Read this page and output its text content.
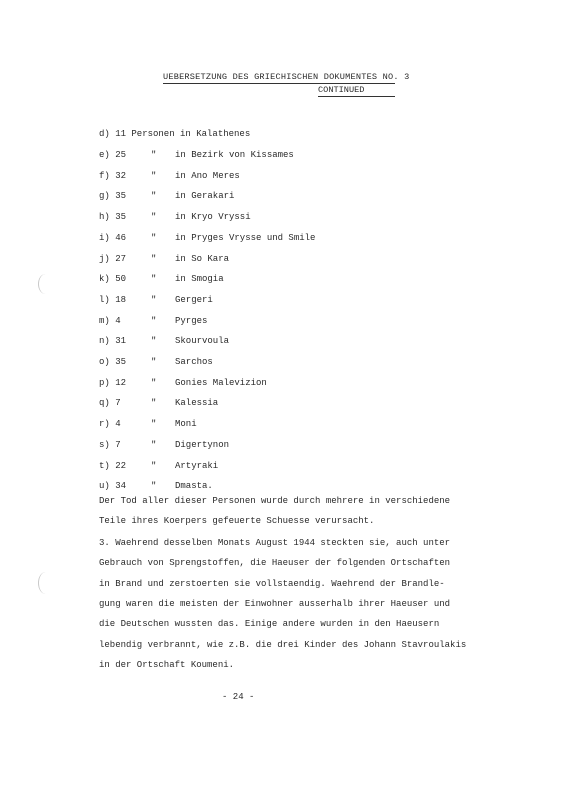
UEBERSETZUNG DES GRIECHISCHEN DOKUMENTES NO. 3
CONTINUED
d) 11 Personen in Kalathenes
e) 25	" in Bezirk von Kissames
f) 32	" in Ano Meres
g) 35	" in Gerakari
h) 35	" in Kryo Vryssi
i) 46	" in Pryges Vrysse und Smile
j) 27	" in So Kara
k) 50	" in Smogia
l) 18	" Gergeri
m) 4	" Pyrges
n) 31	" Skourvoula
o) 35	" Sarchos
p) 12	" Gonies Malevizion
q) 7	" Kalessia
r) 4	" Moni
s) 7	" Digertynon
t) 22	" Artyraki
u) 34	" Dmasta.
Der Tod aller dieser Personen wurde durch mehrere in verschiedene
Teile ihres Koerpers gefeuerte Schuesse verursacht.
3. Waehrend desselben Monats August 1944 steckten sie, auch unter
Gebrauch von Sprengstoffen, die Haeuser der folgenden Ortschaften
in Brand und zerstoerten sie vollstaendig. Waehrend der Brandle-
gung waren die meisten der Einwohner ausserhalb ihrer Haeuser und
die Deutschen wussten das. Einige andere wurden in den Haeusern
lebendig verbrannt, wie z.B. die drei Kinder des Johann Stavroulakis
in der Ortschaft Koumeni.
- 24 -
